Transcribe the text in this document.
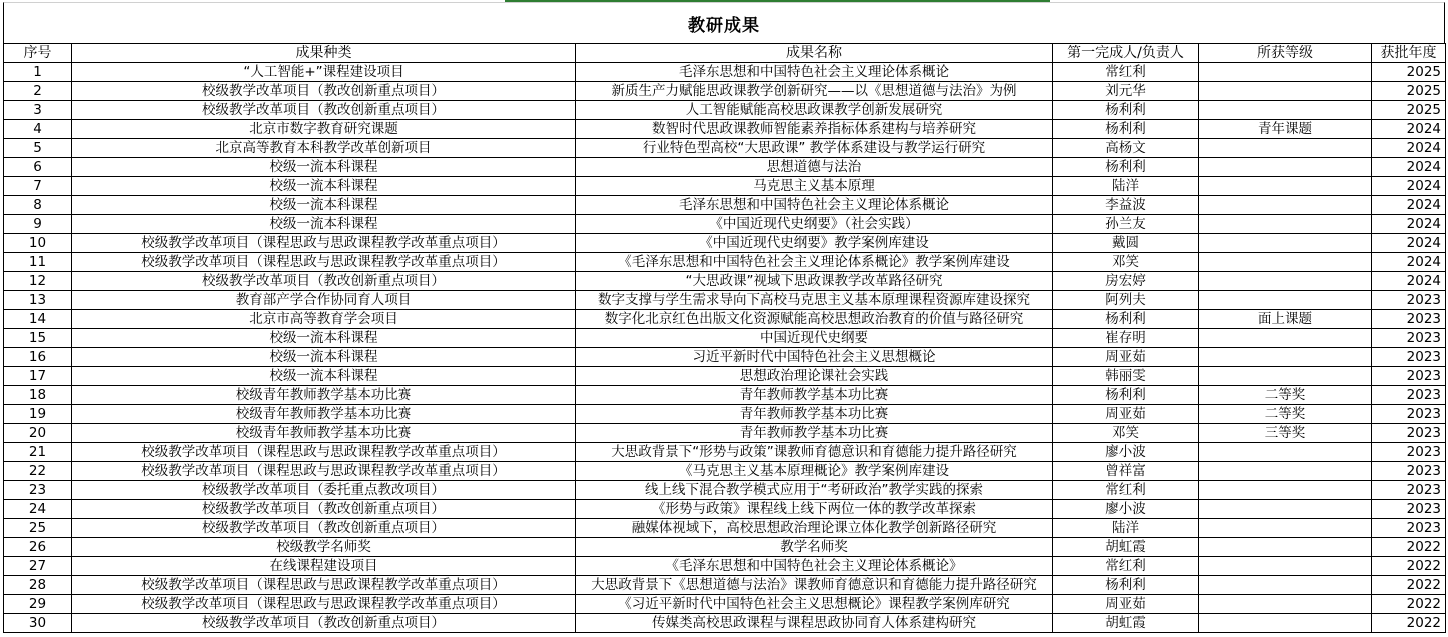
教研成果
序号	成果种类	成果名称	第一完成人/负责人	所获等级	获批年度
1	“人工智能+”课程建设项目	毛泽东思想和中国特色社会主义理论体系概论	常红利		2025
2	校级教学改革项目（教改创新重点项目）	新质生产力赋能思政课教学创新研究——以《思想道德与法治》为例	刘元华		2025
3	校级教学改革项目（教改创新重点项目）	人工智能赋能高校思政课教学创新发展研究	杨利利		2025
4	北京市数字教育研究课题	数智时代思政课教师智能素养指标体系建构与培养研究	杨利利	青年课题	2024
5	北京高等教育本科教学改革创新项目	行业特色型高校“大思政课” 教学体系建设与教学运行研究	高杨文		2024
6	校级一流本科课程	思想道德与法治	杨利利		2024
7	校级一流本科课程	马克思主义基本原理	陆洋		2024
8	校级一流本科课程	毛泽东思想和中国特色社会主义理论体系概论	李益波		2024
9	校级一流本科课程	《中国近现代史纲要》（社会实践）	孙兰友		2024
10	校级教学改革项目（课程思政与思政课程教学改革重点项目）	《中国近现代史纲要》教学案例库建设	戴圆		2024
11	校级教学改革项目（课程思政与思政课程教学改革重点项目）	《毛泽东思想和中国特色社会主义理论体系概论》教学案例库建设	邓笑		2024
12	校级教学改革项目（教改创新重点项目）	“大思政课”视域下思政课教学改革路径研究	房宏婷		2024
13	教育部产学合作协同育人项目	数字支撑与学生需求导向下高校马克思主义基本原理课程资源库建设探究	阿列夫		2023
14	北京市高等教育学会项目	数字化北京红色出版文化资源赋能高校思想政治教育的价值与路径研究	杨利利	面上课题	2023
15	校级一流本科课程	中国近现代史纲要	崔存明		2023
16	校级一流本科课程	习近平新时代中国特色社会主义思想概论	周亚茹		2023
17	校级一流本科课程	思想政治理论课社会实践	韩丽雯		2023
18	校级青年教师教学基本功比赛	青年教师教学基本功比赛	杨利利	二等奖	2023
19	校级青年教师教学基本功比赛	青年教师教学基本功比赛	周亚茹	二等奖	2023
20	校级青年教师教学基本功比赛	青年教师教学基本功比赛	邓笑	三等奖	2023
21	校级教学改革项目（课程思政与思政课程教学改革重点项目）	大思政背景下“形势与政策”课教师育德意识和育德能力提升路径研究	廖小波		2023
22	校级教学改革项目（课程思政与思政课程教学改革重点项目）	《马克思主义基本原理概论》教学案例库建设	曾祥富		2023
23	校级教学改革项目（委托重点教改项目）	线上线下混合教学模式应用于“考研政治”教学实践的探索	常红利		2023
24	校级教学改革项目（教改创新重点项目）	《形势与政策》课程线上线下两位一体的教学改革探索	廖小波		2023
25	校级教学改革项目（教改创新重点项目）	融媒体视域下，高校思想政治理论课立体化教学创新路径研究	陆洋		2023
26	校级教学名师奖	教学名师奖	胡虹霞		2022
27	在线课程建设项目	《毛泽东思想和中国特色社会主义理论体系概论》	常红利		2022
28	校级教学改革项目（课程思政与思政课程教学改革重点项目）	大思政背景下《思想道德与法治》课教师育德意识和育德能力提升路径研究	杨利利		2022
29	校级教学改革项目（课程思政与思政课程教学改革重点项目）	《习近平新时代中国特色社会主义思想概论》课程教学案例库研究	周亚茹		2022
30	校级教学改革项目（教改创新重点项目）	传媒类高校思政课程与课程思政协同育人体系建构研究	胡虹霞		2022
